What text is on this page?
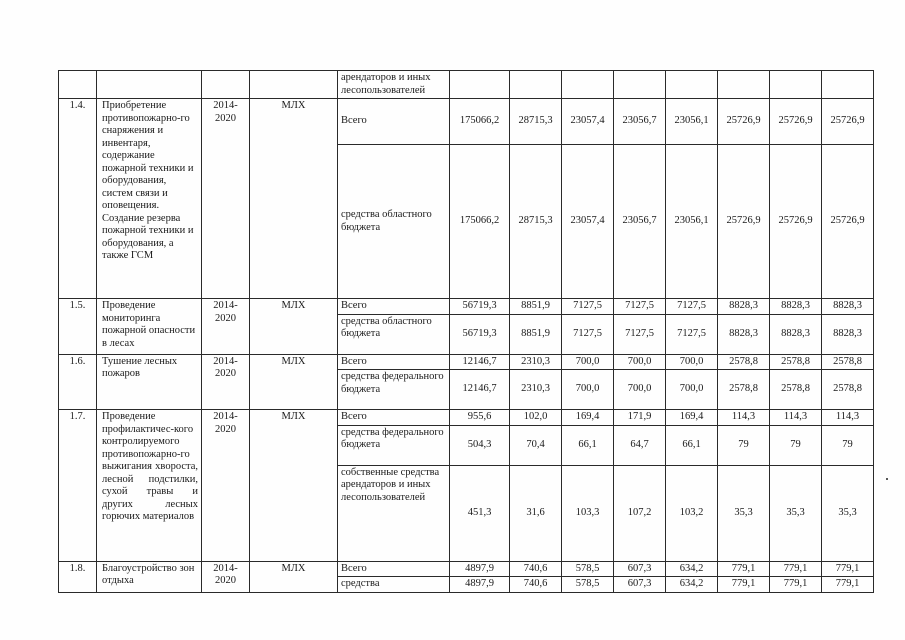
				арендаторов и иных лесопользователей								
1.4.	Приобретение противопожарно-го снаряжения и инвентаря, содержание пожарной техники и оборудования, систем связи и оповещения. Создание резерва пожарной техники и оборудования, а также ГСМ	2014-2020	МЛХ	Всего	175066,2	28715,3	23057,4	23056,7	23056,1	25726,9	25726,9	25726,9
				средства областного бюджета	175066,2	28715,3	23057,4	23056,7	23056,1	25726,9	25726,9	25726,9
1.5.	Проведение мониторинга пожарной опасности в лесах	2014-2020	МЛХ	Всего	56719,3	8851,9	7127,5	7127,5	7127,5	8828,3	8828,3	8828,3
				средства областного бюджета	56719,3	8851,9	7127,5	7127,5	7127,5	8828,3	8828,3	8828,3
1.6.	Тушение лесных пожаров	2014-2020	МЛХ	Всего	12146,7	2310,3	700,0	700,0	700,0	2578,8	2578,8	2578,8
				средства федерального бюджета	12146,7	2310,3	700,0	700,0	700,0	2578,8	2578,8	2578,8
1.7.	Проведение профилактичес-кого контролируемого противопожарно-го выжигания хвороста, лесной подстилки, сухой травы и других лесных горючих материалов	2014-2020	МЛХ	Всего	955,6	102,0	169,4	171,9	169,4	114,3	114,3	114,3
				средства федерального бюджета	504,3	70,4	66,1	64,7	66,1	79	79	79
				собственные средства арендаторов и иных лесопользователей	451,3	31,6	103,3	107,2	103,2	35,3	35,3	35,3
1.8.	Благоустройство зон отдыха	2014-2020	МЛХ	Всего	4897,9	740,6	578,5	607,3	634,2	779,1	779,1	779,1
				средства	4897,9	740,6	578,5	607,3	634,2	779,1	779,1	779,1
